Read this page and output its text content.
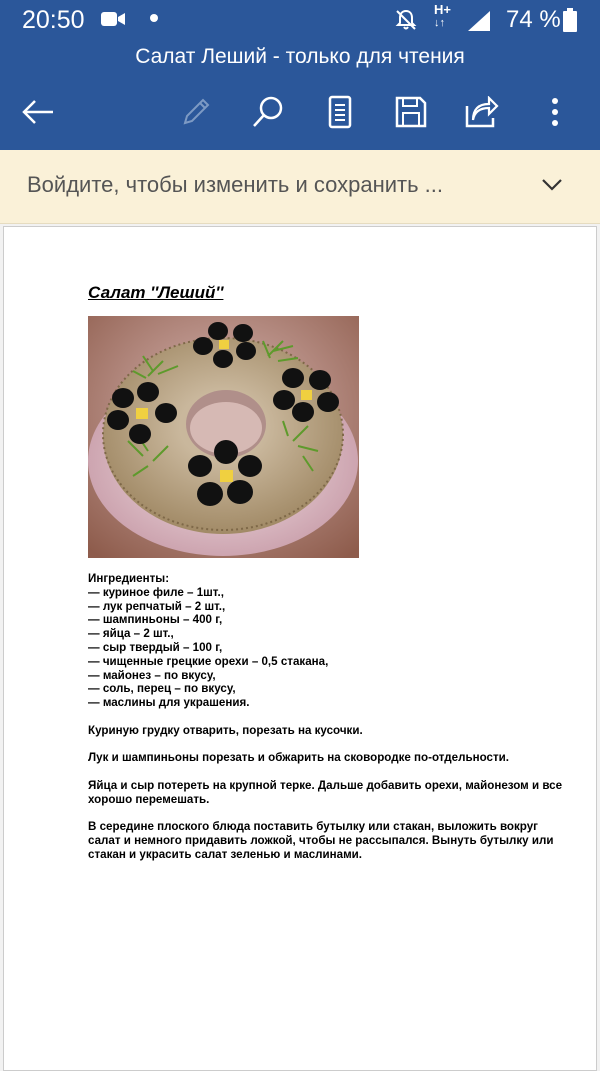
20:50	H+
↓↑	74 %
Салат Леший - только для чтения
Войдите, чтобы изменить и сохранить ...
Салат ''Леший''

Ингредиенты:

— куриное филе – 1шт.,
— лук репчатый – 2 шт.,
— шампиньоны – 400 г,
— яйца – 2 шт.,
— сыр твердый – 100 г,
— чищенные грецкие орехи – 0,5 стакана,
— майонез – по вкусу,
— соль, перец – по вкусу,
— маслины для украшения.

Куриную грудку отварить, порезать на кусочки.

Лук и шампиньоны порезать и обжарить на сковородке по-отдельности.

Яйца и сыр потереть на крупной терке. Дальше добавить орехи, майонезом и все хорошо перемешать.

В середине плоского блюда поставить бутылку или стакан, выложить вокруг салат и немного придавить ложкой, чтобы не рассыпался. Вынуть бутылку или стакан и украсить салат зеленью и маслинами.
